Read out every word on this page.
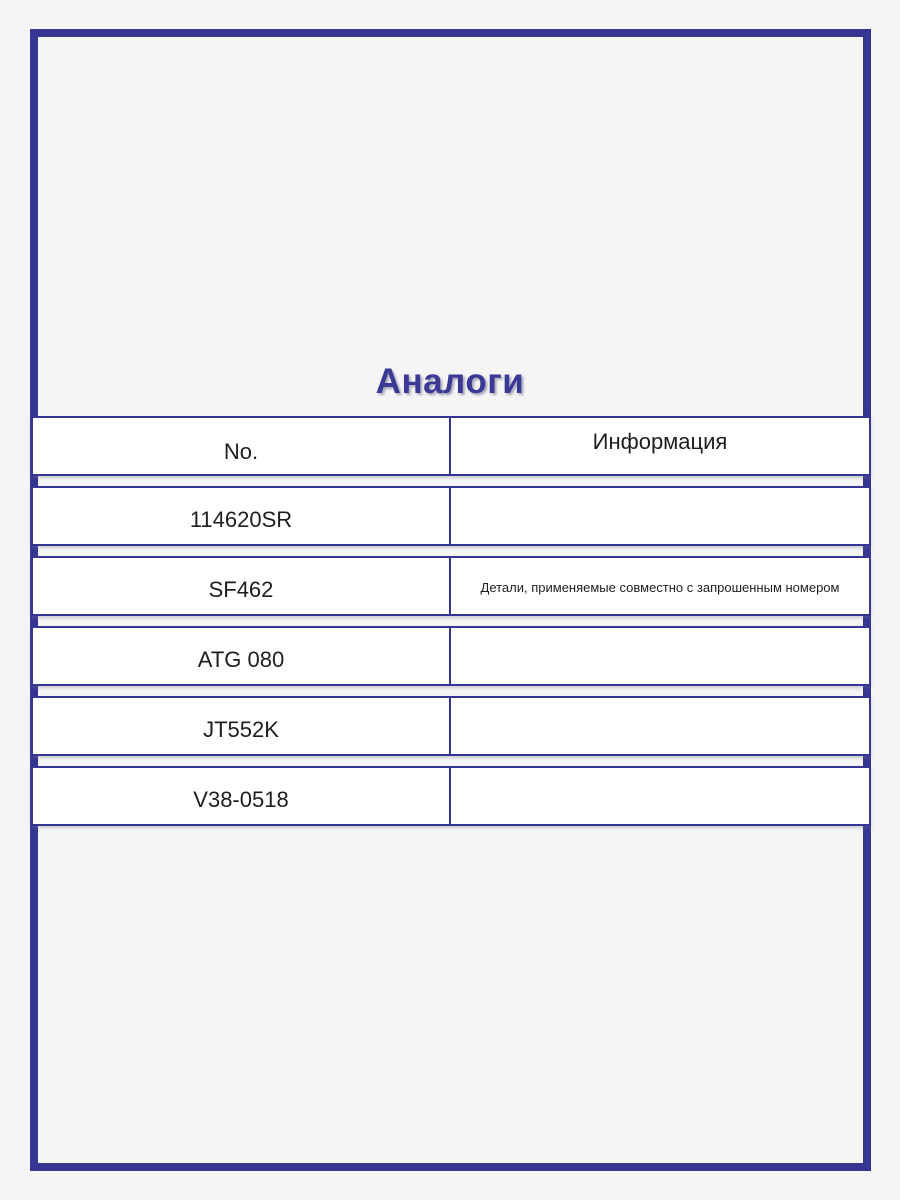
Аналоги
No.	Информация
114620SR
SF462	Детали, применяемые совместно с запрошенным номером
ATG 080
JT552K
V38-0518
